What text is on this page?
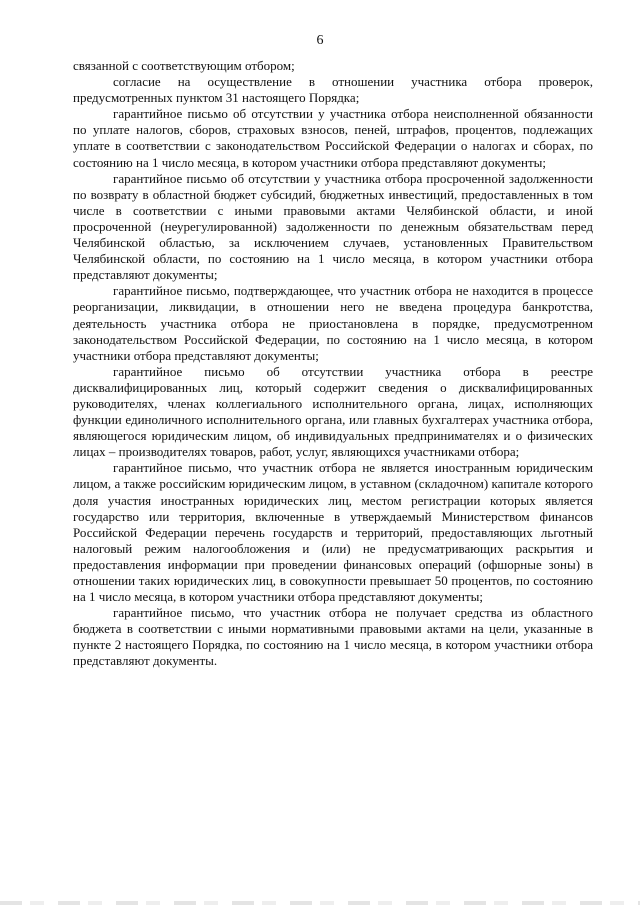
6

связанной с соответствующим отбором;

согласие на осуществление в отношении участника отбора проверок, предусмотренных пунктом 31 настоящего Порядка;

гарантийное письмо об отсутствии у участника отбора неисполненной обязанности по уплате налогов, сборов, страховых взносов, пеней, штрафов, процентов, подлежащих уплате в соответствии с законодательством Российской Федерации о налогах и сборах, по состоянию на 1 число месяца, в котором участники отбора представляют документы;

гарантийное письмо об отсутствии у участника отбора просроченной задолженности по возврату в областной бюджет субсидий, бюджетных инвестиций, предоставленных в том числе в соответствии с иными правовыми актами Челябинской области, и иной просроченной (неурегулированной) задолженности по денежным обязательствам перед Челябинской областью, за исключением случаев, установленных Правительством Челябинской области, по состоянию на 1 число месяца, в котором участники отбора представляют документы;

гарантийное письмо, подтверждающее, что участник отбора не находится в процессе реорганизации, ликвидации, в отношении него не введена процедура банкротства, деятельность участника отбора не приостановлена в порядке, предусмотренном законодательством Российской Федерации, по состоянию на 1 число месяца, в котором участники отбора представляют документы;

гарантийное письмо об отсутствии участника отбора в реестре дисквалифицированных лиц, который содержит сведения о дисквалифицированных руководителях, членах коллегиального исполнительного органа, лицах, исполняющих функции единоличного исполнительного органа, или главных бухгалтерах участника отбора, являющегося юридическим лицом, об индивидуальных предпринимателях и о физических лицах – производителях товаров, работ, услуг, являющихся участниками отбора;

гарантийное письмо, что участник отбора не является иностранным юридическим лицом, а также российским юридическим лицом, в уставном (складочном) капитале которого доля участия иностранных юридических лиц, местом регистрации которых является государство или территория, включенные в утверждаемый Министерством финансов Российской Федерации перечень государств и территорий, предоставляющих льготный налоговый режим налогообложения и (или) не предусматривающих раскрытия и предоставления информации при проведении финансовых операций (офшорные зоны) в отношении таких юридических лиц, в совокупности превышает 50 процентов, по состоянию на 1 число месяца, в котором участники отбора представляют документы;

гарантийное письмо, что участник отбора не получает средства из областного бюджета в соответствии с иными нормативными правовыми актами на цели, указанные в пункте 2 настоящего Порядка, по состоянию на 1 число месяца, в котором участники отбора представляют документы.
